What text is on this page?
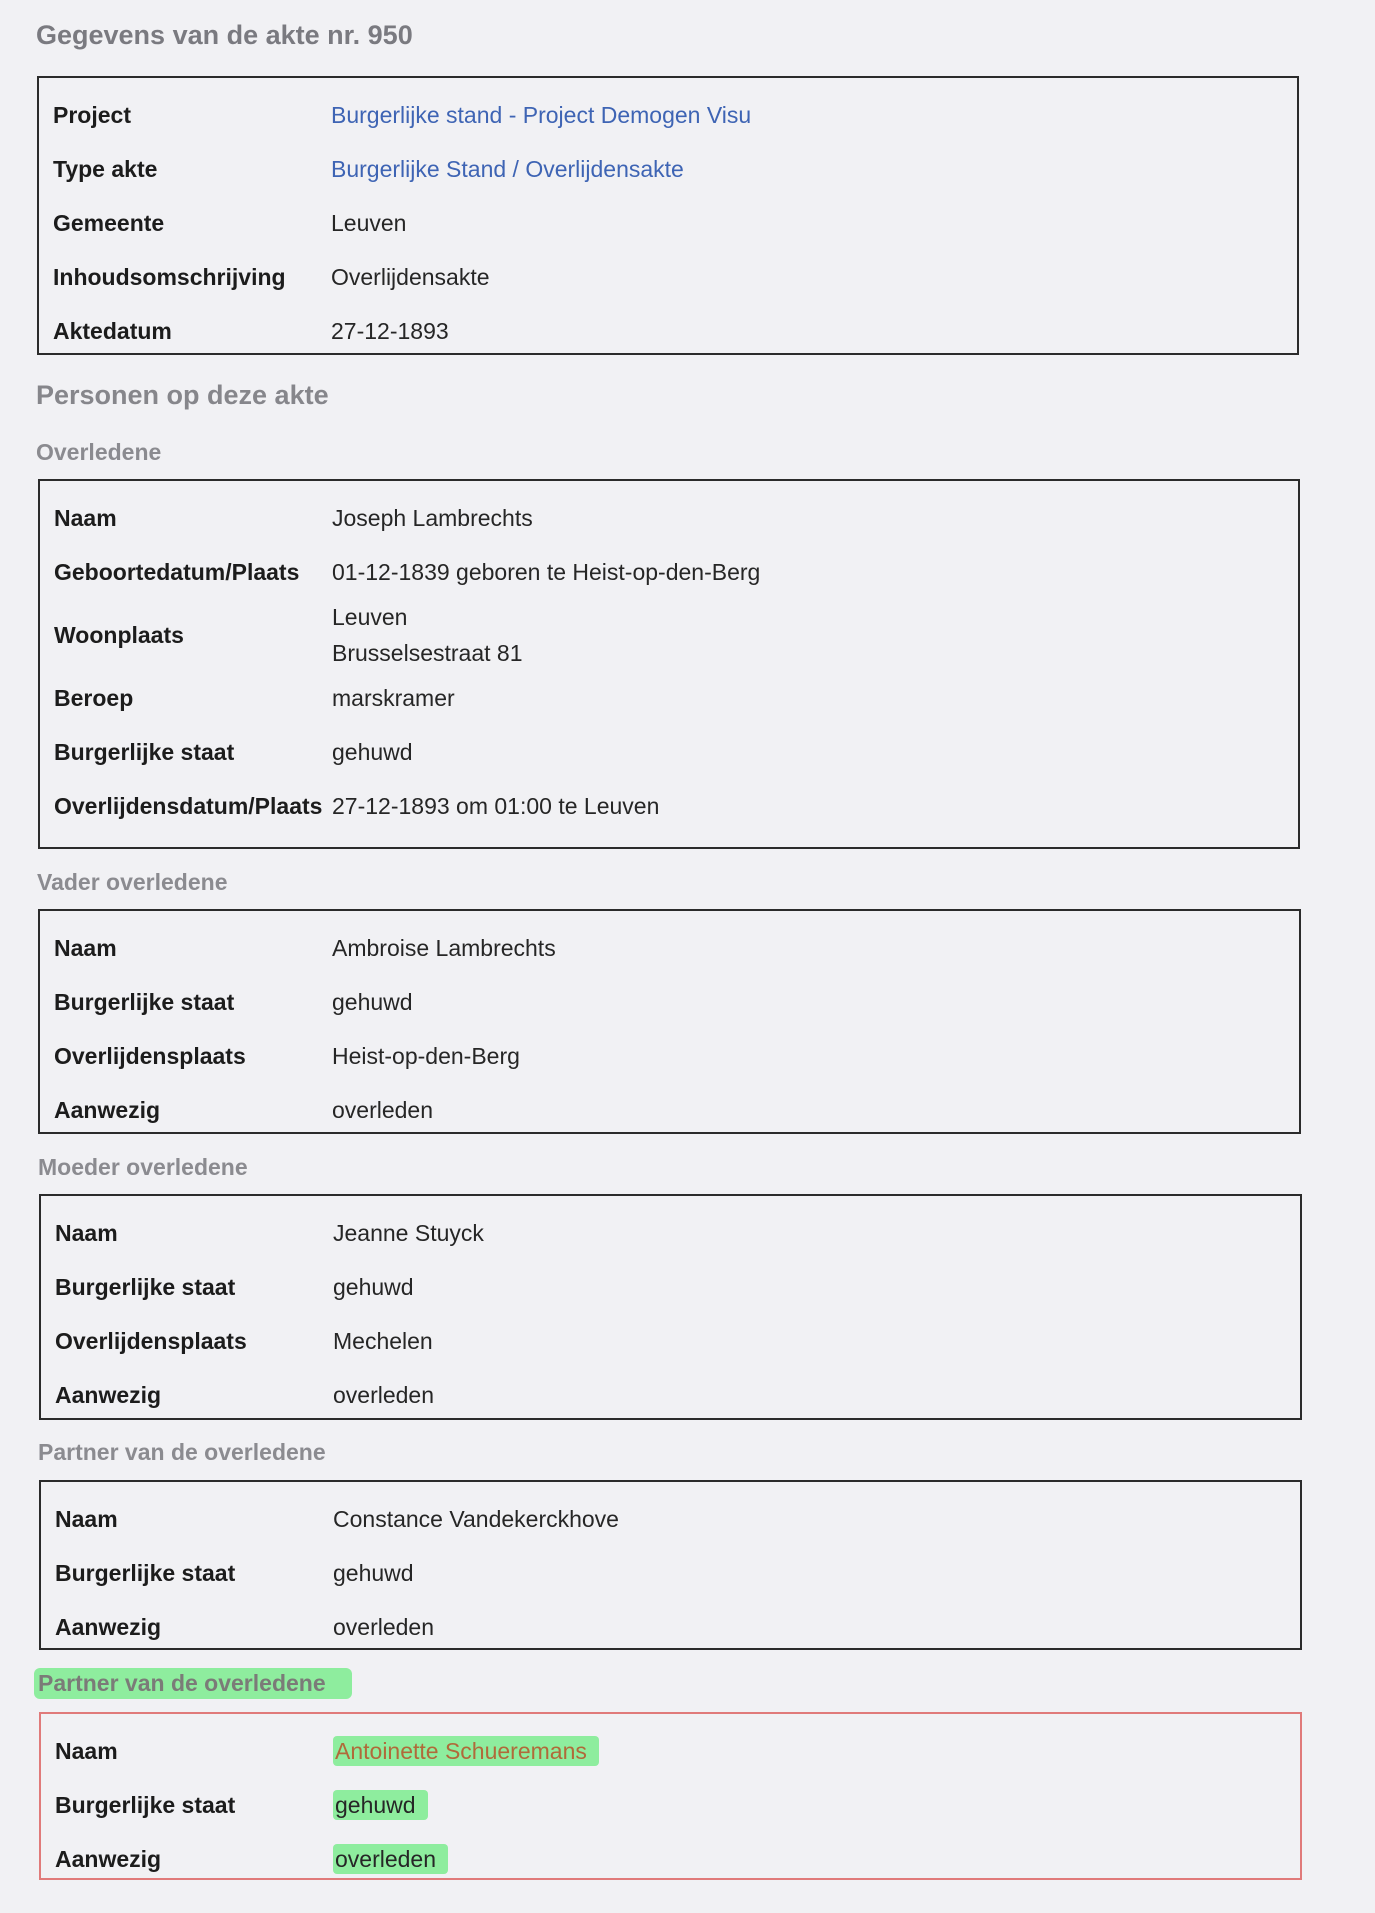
Gegevens van de akte nr. 950
Project	Burgerlijke stand - Project Demogen Visu
Type akte	Burgerlijke Stand / Overlijdensakte
Gemeente	Leuven
Inhoudsomschrijving	Overlijdensakte
Aktedatum	27-12-1893
Personen op deze akte
Overledene
Naam	Joseph Lambrechts
Geboortedatum/Plaats	01-12-1839 geboren te Heist-op-den-Berg
Woonplaats
Leuven
Brusselsestraat 81
Beroep	marskramer
Burgerlijke staat	gehuwd
Overlijdensdatum/Plaats 27-12-1893 om 01:00 te Leuven
Vader overledene
Naam	Ambroise Lambrechts
Burgerlijke staat	gehuwd
Overlijdensplaats	Heist-op-den-Berg
Aanwezig	overleden
Moeder overledene
Naam	Jeanne Stuyck
Burgerlijke staat	gehuwd
Overlijdensplaats	Mechelen
Aanwezig	overleden
Partner van de overledene
Naam	Constance Vandekerckhove
Burgerlijke staat	gehuwd
Aanwezig	overleden
Partner van de overledene
Naam	Antoinette Schueremans
Burgerlijke staat	gehuwd
Aanwezig	overleden
